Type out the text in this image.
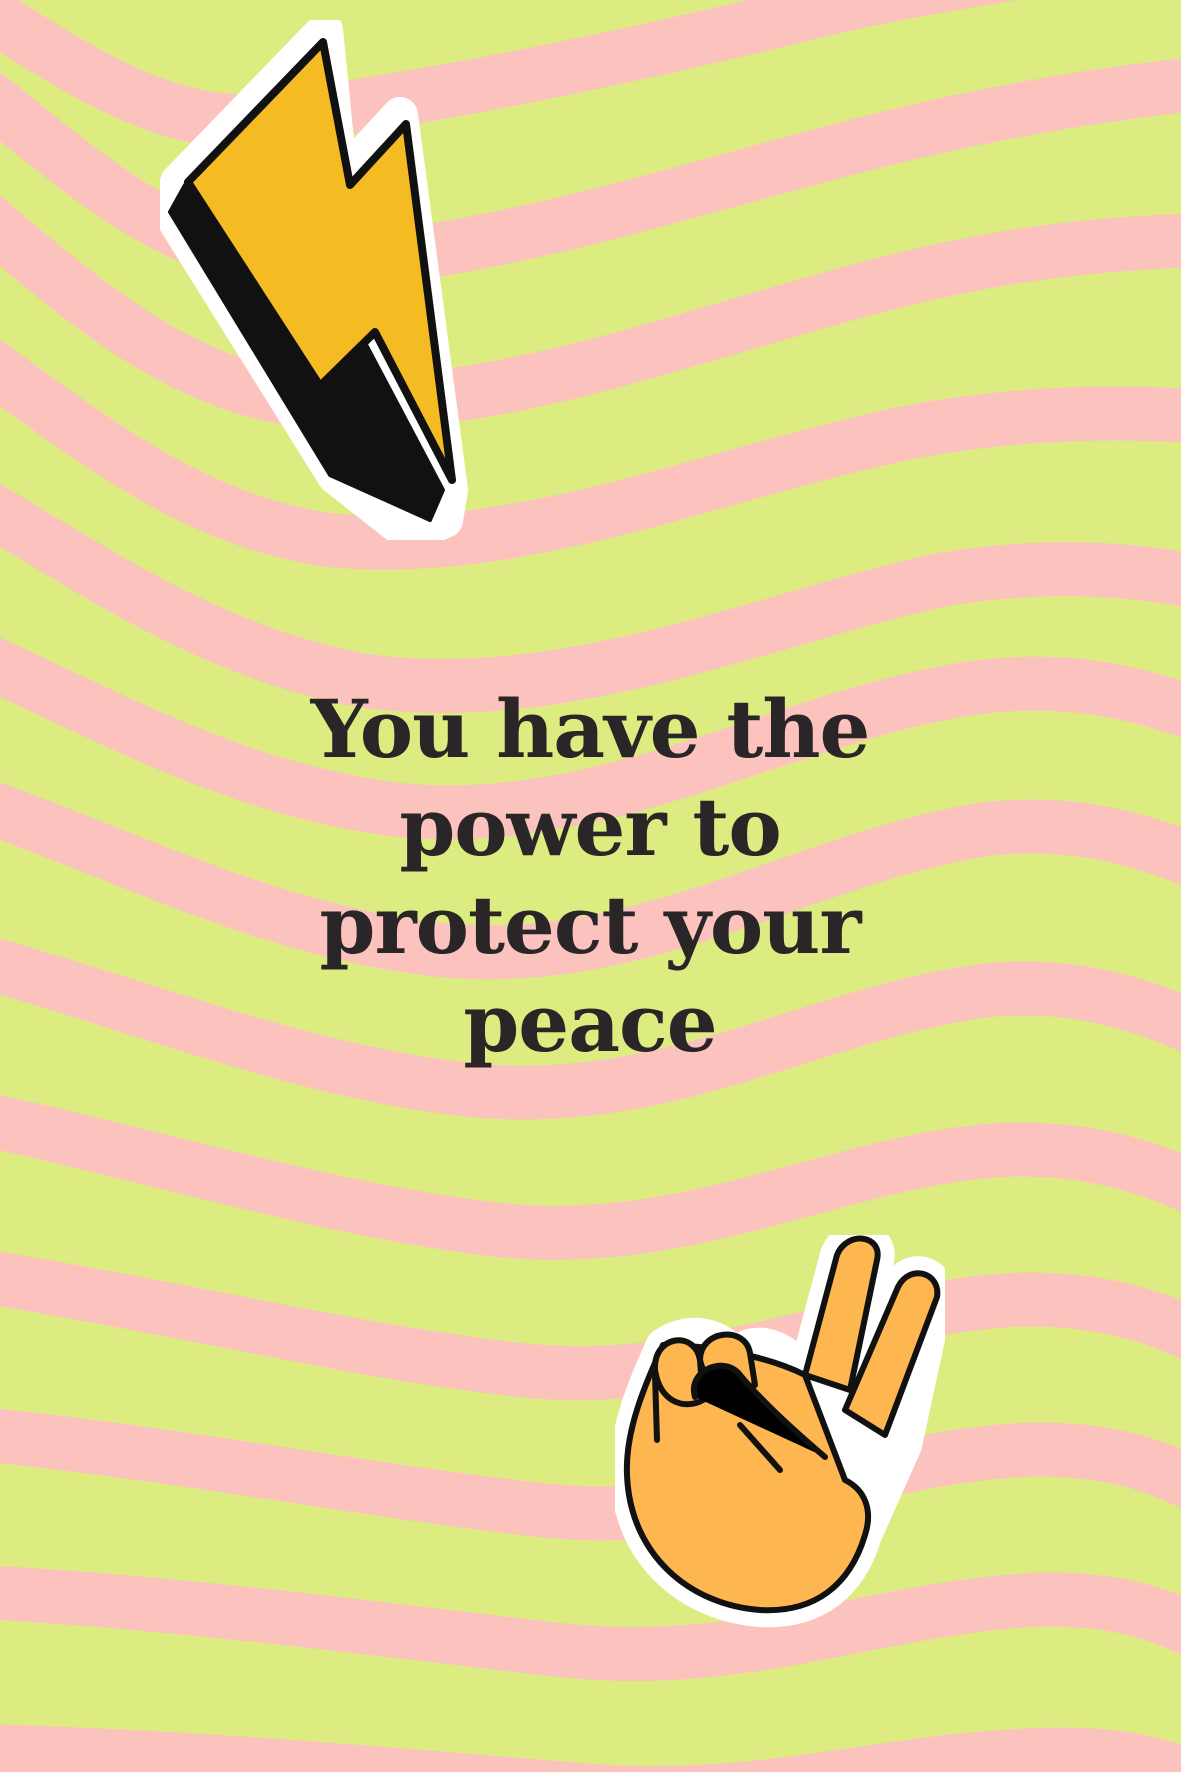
You have the
power to
protect your
peace
